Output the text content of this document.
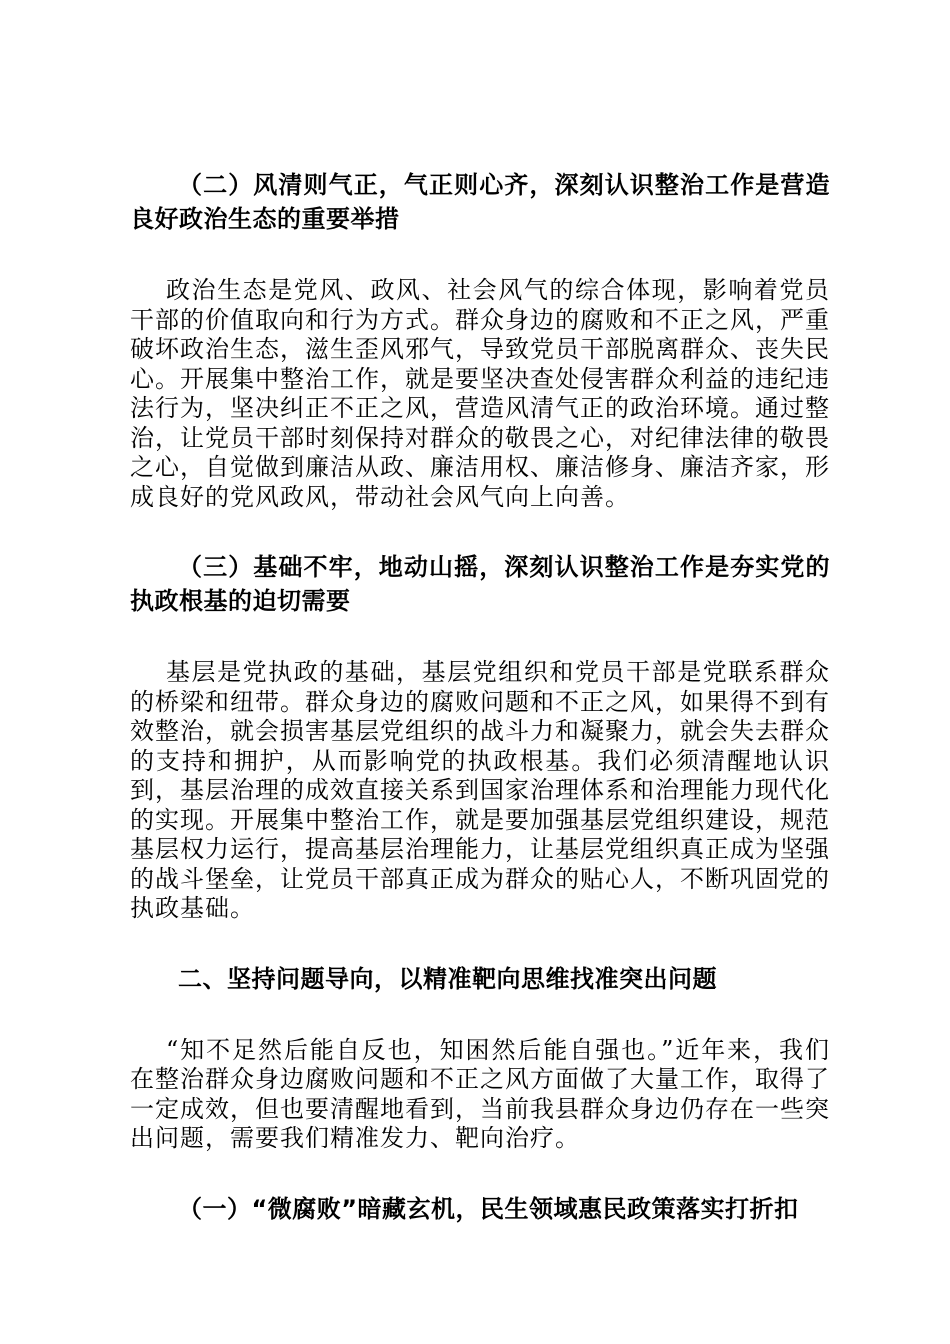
（二）风清则气正，气正则心齐，深刻认识整治工作是营造良好政治生态的重要举措

政治生态是党风、政风、社会风气的综合体现，影响着党员干部的价值取向和行为方式。群众身边的腐败和不正之风，严重破坏政治生态，滋生歪风邪气，导致党员干部脱离群众、丧失民心。开展集中整治工作，就是要坚决查处侵害群众利益的违纪违法行为，坚决纠正不正之风，营造风清气正的政治环境。通过整治，让党员干部时刻保持对群众的敬畏之心，对纪律法律的敬畏之心，自觉做到廉洁从政、廉洁用权、廉洁修身、廉洁齐家，形成良好的党风政风，带动社会风气向上向善。

（三）基础不牢，地动山摇，深刻认识整治工作是夯实党的执政根基的迫切需要

基层是党执政的基础，基层党组织和党员干部是党联系群众的桥梁和纽带。群众身边的腐败问题和不正之风，如果得不到有效整治，就会损害基层党组织的战斗力和凝聚力，就会失去群众的支持和拥护，从而影响党的执政根基。我们必须清醒地认识到，基层治理的成效直接关系到国家治理体系和治理能力现代化的实现。开展集中整治工作，就是要加强基层党组织建设，规范基层权力运行，提高基层治理能力，让基层党组织真正成为坚强的战斗堡垒，让党员干部真正成为群众的贴心人，不断巩固党的执政基础。

二、坚持问题导向，以精准靶向思维找准突出问题

“知不足然后能自反也，知困然后能自强也。”近年来，我们在整治群众身边腐败问题和不正之风方面做了大量工作，取得了一定成效，但也要清醒地看到，当前我县群众身边仍存在一些突出问题，需要我们精准发力、靶向治疗。

（一）“微腐败”暗藏玄机，民生领域惠民政策落实打折扣
